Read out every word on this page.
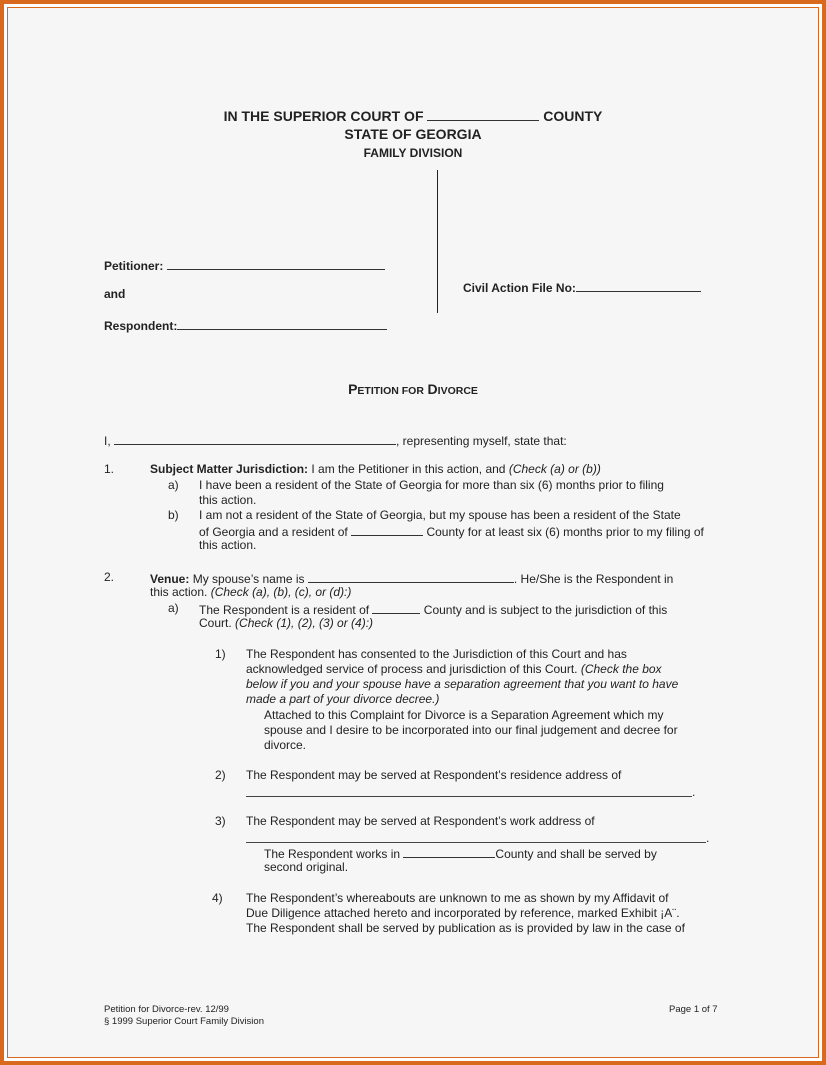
IN THE SUPERIOR COURT OF	COUNTY
STATE OF GEORGIA
FAMILY DIVISION
Petitioner:
and
Respondent:
Civil Action File No:
PETITION FOR DIVORCE
I,	, representing myself, state that:
1.	Subject Matter Jurisdiction: I am the Petitioner in this action, and (Check (a) or (b))
a) I have been a resident of the State of Georgia for more than six (6) months prior to filing
this action.
b) I am not a resident of the State of Georgia, but my spouse has been a resident of the State
of Georgia and a resident of	County for at least six (6) months prior to my filing of
this action.
2.	Venue: My spouse’s name is	. He/She is the Respondent in
this action. (Check (a), (b), (c), or (d):)
a) The Respondent is a resident of	County and is subject to the jurisdiction of this
Court. (Check (1), (2), (3) or (4):)
1) The Respondent has consented to the Jurisdiction of this Court and has
acknowledged service of process and jurisdiction of this Court. (Check the box
below if you and your spouse have a separation agreement that you want to have
made a part of your divorce decree.)
Attached to this Complaint for Divorce is a Separation Agreement which my
spouse and I desire to be incorporated into our final judgement and decree for
divorce.
2) The Respondent may be served at Respondent’s residence address of
.
3) The Respondent may be served at Respondent’s work address of
.
The Respondent works in	County and shall be served by
second original.
4) The Respondent’s whereabouts are unknown to me as shown by my Affidavit of
Due Diligence attached hereto and incorporated by reference, marked Exhibit ¡A¨.
The Respondent shall be served by publication as is provided by law in the case of
Petition for Divorce-rev. 12/99
§ 1999 Superior Court Family Division
Page 1 of 7
